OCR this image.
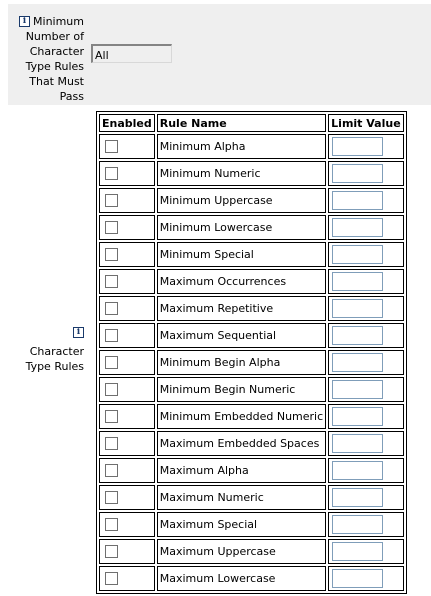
i Minimum
Number of
Character
Type Rules
That Must
Pass
All
i
Character
Type Rules
Enabled	Rule Name	Limit Value
	Minimum Alpha	

	Minimum Numeric	

	Minimum Uppercase	

	Minimum Lowercase	

	Minimum Special	

	Maximum Occurrences	

	Maximum Repetitive	

	Maximum Sequential	

	Minimum Begin Alpha	

	Minimum Begin Numeric	

	Minimum Embedded Numeric	

	Maximum Embedded Spaces	

	Maximum Alpha	

	Maximum Numeric	

	Maximum Special	

	Maximum Uppercase	

	Maximum Lowercase	
